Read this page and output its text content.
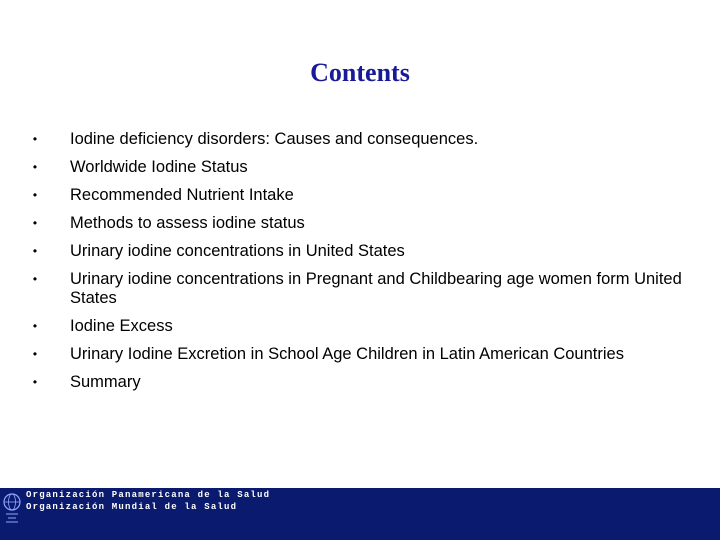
Contents
•	Iodine deficiency disorders: Causes and consequences.
•	Worldwide Iodine Status
•	Recommended Nutrient Intake
•	Methods to assess iodine status
•	Urinary iodine concentrations in United States
•	Urinary iodine concentrations in Pregnant and Childbearing age women form United States
•	Iodine Excess
•	Urinary Iodine Excretion in School Age Children in Latin American Countries
•	Summary
Organización Panamericana de la Salud
Organización Mundial de la Salud
